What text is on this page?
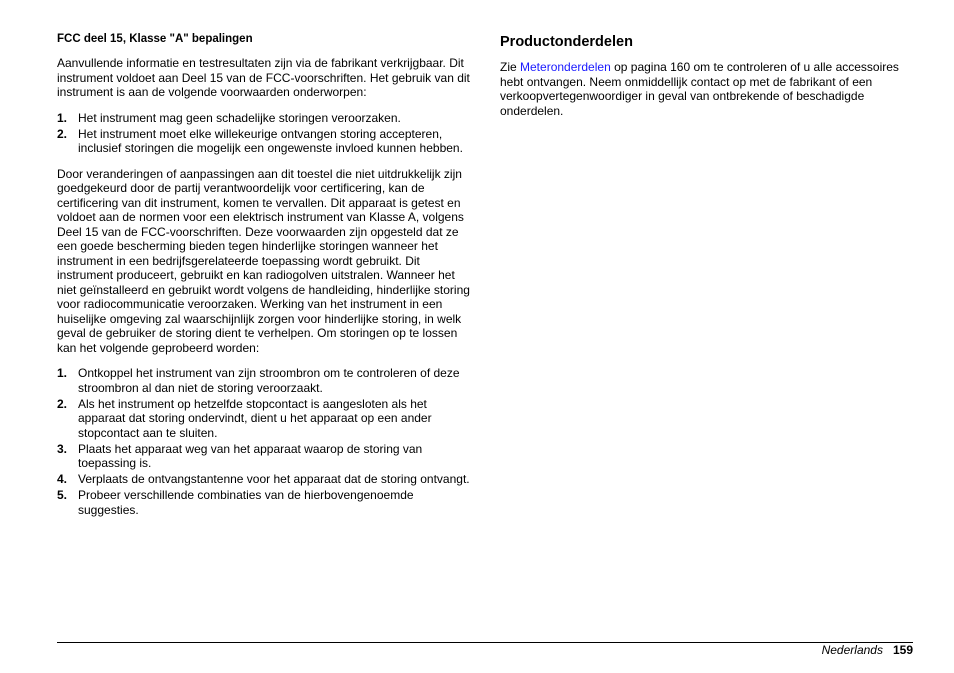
FCC deel 15, Klasse "A" bepalingen

Aanvullende informatie en testresultaten zijn via de fabrikant verkrijgbaar. Dit instrument voldoet aan Deel 15 van de FCC-voorschriften. Het gebruik van dit instrument is aan de volgende voorwaarden onderworpen:

1. Het instrument mag geen schadelijke storingen veroorzaken.
2. Het instrument moet elke willekeurige ontvangen storing accepteren, inclusief storingen die mogelijk een ongewenste invloed kunnen hebben.

Door veranderingen of aanpassingen aan dit toestel die niet uitdrukkelijk zijn goedgekeurd door de partij verantwoordelijk voor certificering, kan de certificering van dit instrument, komen te vervallen. Dit apparaat is getest en voldoet aan de normen voor een elektrisch instrument van Klasse A, volgens Deel 15 van de FCC-voorschriften. Deze voorwaarden zijn opgesteld dat ze een goede bescherming bieden tegen hinderlijke storingen wanneer het instrument in een bedrijfsgerelateerde toepassing wordt gebruikt. Dit instrument produceert, gebruikt en kan radiogolven uitstralen. Wanneer het niet geïnstalleerd en gebruikt wordt volgens de handleiding, hinderlijke storing voor radiocommunicatie veroorzaken. Werking van het instrument in een huiselijke omgeving zal waarschijnlijk zorgen voor hinderlijke storing, in welk geval de gebruiker de storing dient te verhelpen. Om storingen op te lossen kan het volgende geprobeerd worden:

1. Ontkoppel het instrument van zijn stroombron om te controleren of deze stroombron al dan niet de storing veroorzaakt.
2. Als het instrument op hetzelfde stopcontact is aangesloten als het apparaat dat storing ondervindt, dient u het apparaat op een ander stopcontact aan te sluiten.
3. Plaats het apparaat weg van het apparaat waarop de storing van toepassing is.
4. Verplaats de ontvangstantenne voor het apparaat dat de storing ontvangt.
5. Probeer verschillende combinaties van de hierbovengenoemde suggesties.
Productonderdelen

Zie Meteronderdelen op pagina 160 om te controleren of u alle accessoires hebt ontvangen. Neem onmiddellijk contact op met de fabrikant of een verkoopvertegenwoordiger in geval van ontbrekende of beschadigde onderdelen.

Nederlands 159
